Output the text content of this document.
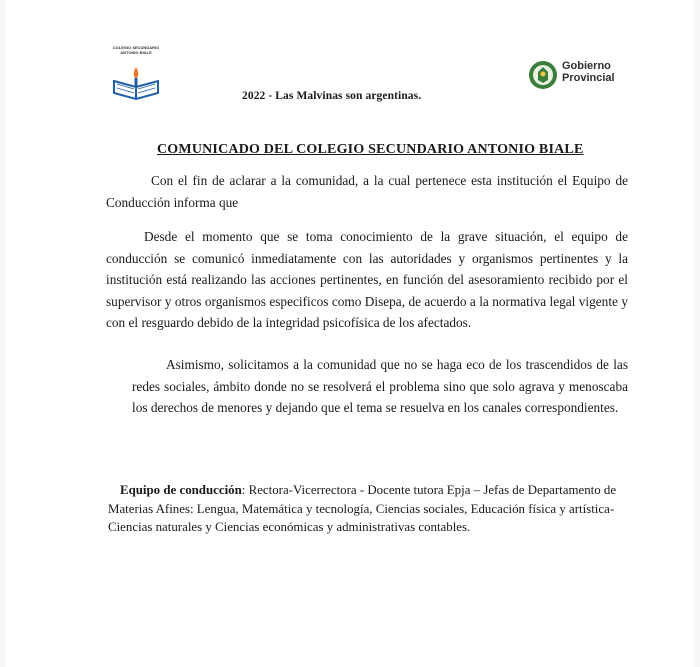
COLEGIO SECUNDARIO
ANTONIO BIALE
Gobierno
Provincial
2022 - Las Malvinas son argentinas.
COMUNICADO DEL COLEGIO SECUNDARIO ANTONIO BIALE

Con el fin de aclarar a la comunidad, a la cual pertenece esta institución el Equipo de Conducción informa que

Desde el momento que se toma conocimiento de la grave situación, el equipo de conducción se comunicó inmediatamente con las autoridades y organismos pertinentes y la institución está realizando las acciones pertinentes, en función del asesoramiento recibido por el supervisor y otros organismos especificos como Disepa, de acuerdo a la normativa legal vigente y con el resguardo debido de la integridad psicofísica de los afectados.

Asimismo, solicitamos a la comunidad que no se haga eco de los trascendidos de las redes sociales, ámbito donde no se resolverá el problema sino que solo agrava y menoscaba los derechos de menores y dejando que el tema se resuelva en los canales correspondientes.

Equipo de conducción: Rectora-Vicerrectora - Docente tutora Epja – Jefas de Departamento de Materias Afines: Lengua, Matemática y tecnología, Ciencias sociales, Educación física y artística- Ciencias naturales y Ciencias económicas y administrativas contables.
